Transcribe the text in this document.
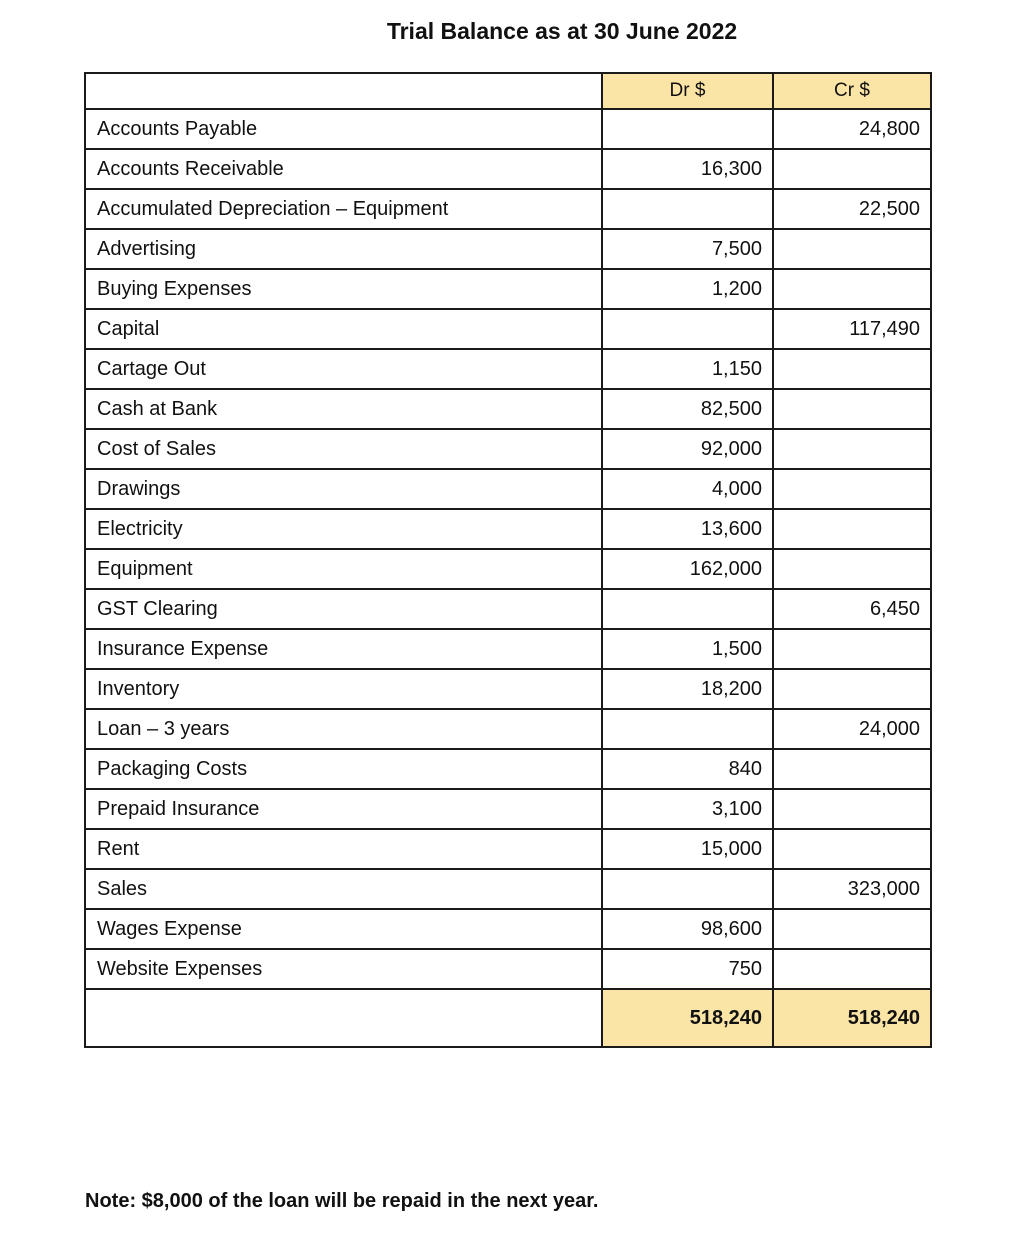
Trial Balance as at 30 June 2022
	Dr $	Cr $
Accounts Payable		24,800
Accounts Receivable	16,300	
Accumulated Depreciation – Equipment		22,500
Advertising	7,500	
Buying Expenses	1,200	
Capital		117,490
Cartage Out	1,150	
Cash at Bank	82,500	
Cost of Sales	92,000	
Drawings	4,000	
Electricity	13,600	
Equipment	162,000	
GST Clearing		6,450
Insurance Expense	1,500	
Inventory	18,200	
Loan – 3 years		24,000
Packaging Costs	840	
Prepaid Insurance	3,100	
Rent	15,000	
Sales		323,000
Wages Expense	98,600	
Website Expenses	750	
	518,240	518,240
Note: $8,000 of the loan will be repaid in the next year.
